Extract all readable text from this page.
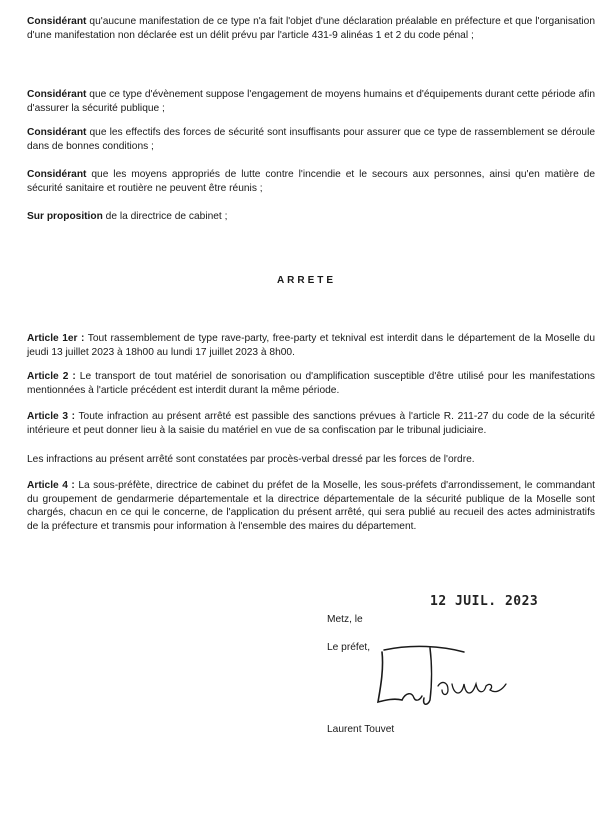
Considérant qu'aucune manifestation de ce type n'a fait l'objet d'une déclaration préalable en préfecture et que l'organisation d'une manifestation non déclarée est un délit prévu par l'article 431-9 alinéas 1 et 2 du code pénal ;

Considérant que ce type d'évènement suppose l'engagement de moyens humains et d'équipements durant cette période afin d'assurer la sécurité publique ;

Considérant que les effectifs des forces de sécurité sont insuffisants pour assurer que ce type de rassemblement se déroule dans de bonnes conditions ;

Considérant que les moyens appropriés de lutte contre l'incendie et le secours aux personnes, ainsi qu'en matière de sécurité sanitaire et routière ne peuvent être réunis ;

Sur proposition de la directrice de cabinet ;

ARRETE

Article 1er : Tout rassemblement de type rave-party, free-party et teknival est interdit dans le département de la Moselle du jeudi 13 juillet 2023 à 18h00 au lundi 17 juillet 2023 à 8h00.

Article 2 : Le transport de tout matériel de sonorisation ou d'amplification susceptible d'être utilisé pour les manifestations mentionnées à l'article précédent est interdit durant la même période.

Article 3 : Toute infraction au présent arrêté est passible des sanctions prévues à l'article R. 211-27 du code de la sécurité intérieure et peut donner lieu à la saisie du matériel en vue de sa confiscation par le tribunal judiciaire.

Les infractions au présent arrêté sont constatées par procès-verbal dressé par les forces de l'ordre.

Article 4 : La sous-préfète, directrice de cabinet du préfet de la Moselle, les sous-préfets d'arrondissement, le commandant du groupement de gendarmerie départementale et la directrice départementale de la sécurité publique de la Moselle sont chargés, chacun en ce qui le concerne, de l'application du présent arrêté, qui sera publié au recueil des actes administratifs de la préfecture et transmis pour information à l'ensemble des maires du département.

12 JUIL. 2023
Metz, le
Le préfet,
Laurent Touvet
